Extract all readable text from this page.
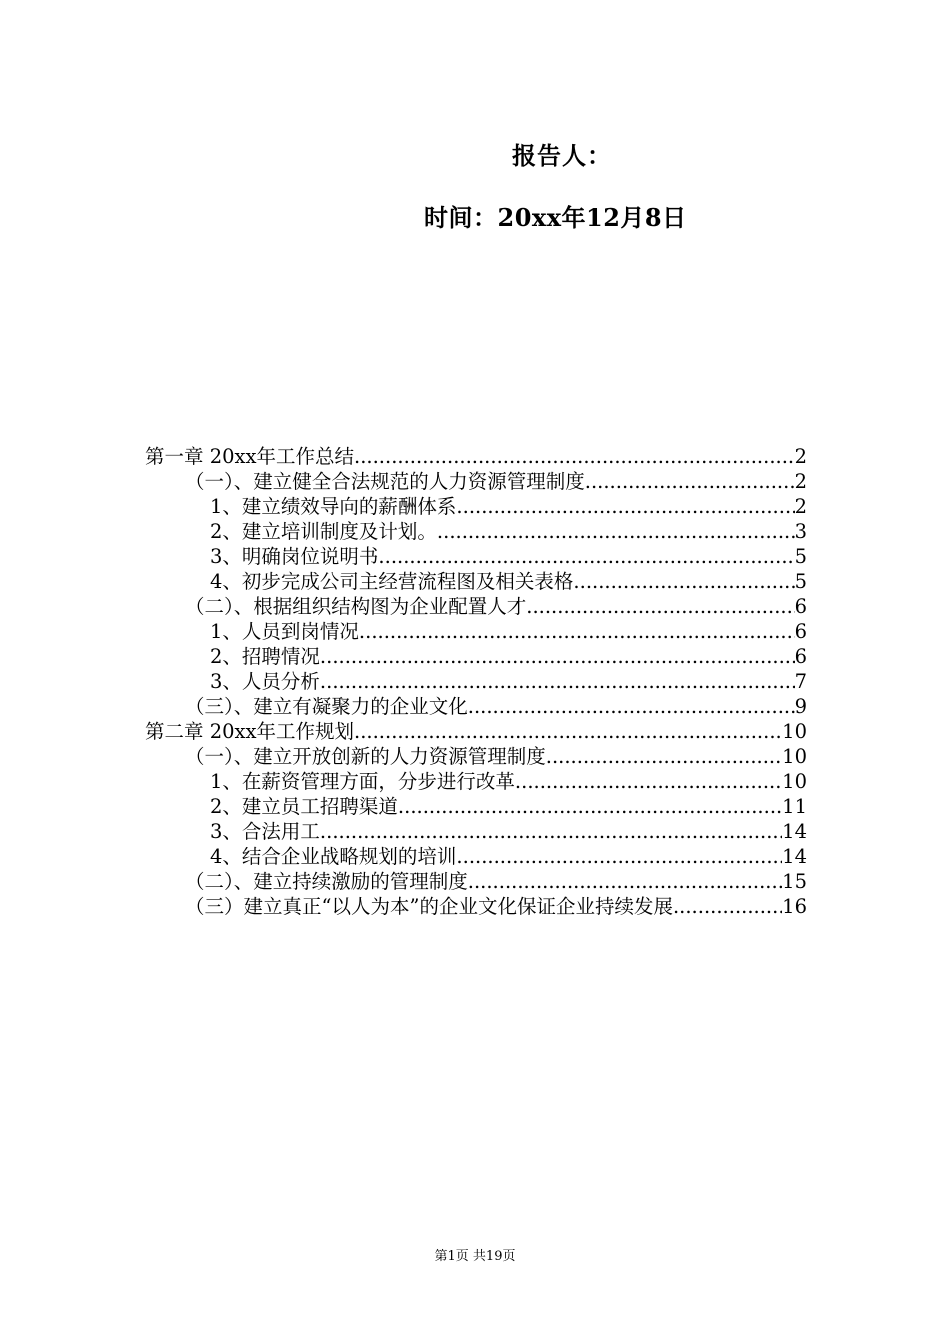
报告人：
时间：20xx年12月8日
第一章 20xx年工作总结 .....	2
（一）、建立健全合法规范的人力资源管理制度 .....	2
1、建立绩效导向的薪酬体系 .....	2
2、建立培训制度及计划。 .....	3
3、明确岗位说明书 .....	5
4、初步完成公司主经营流程图及相关表格 .....	5
（二）、根据组织结构图为企业配置人才 .....	6
1、人员到岗情况 .....	6
2、招聘情况 .....	6
3、人员分析 .....	7
（三）、建立有凝聚力的企业文化 .....	9
第二章 20xx年工作规划 .....	10
（一）、建立开放创新的人力资源管理制度 .....	10
1、在薪资管理方面，分步进行改革 .....	10
2、建立员工招聘渠道 .....	11
3、合法用工 .....	14
4、结合企业战略规划的培训 .....	14
（二）、建立持续激励的管理制度 .....	15
（三）建立真正“以人为本”的企业文化保证企业持续发展 .....	16
第1页 共19页
